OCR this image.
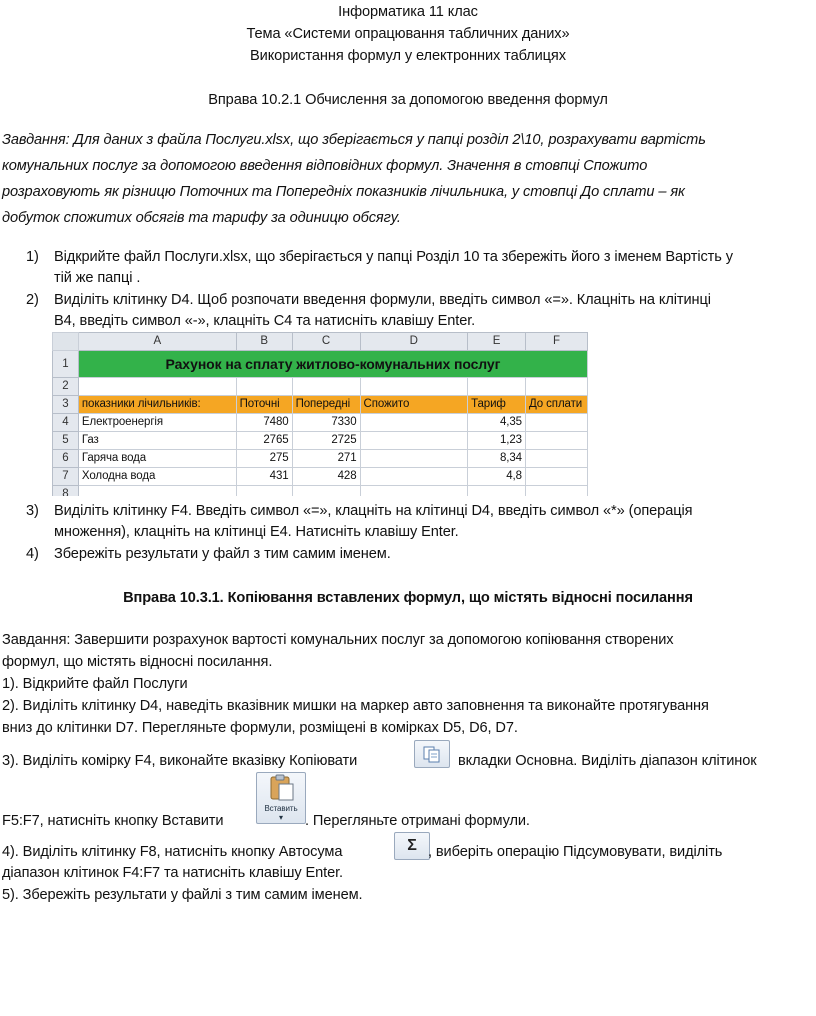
Інформатика 11 клас
Тема «Системи опрацювання табличних даних»
Використання формул у електронних таблицях
Вправа 10.2.1 Обчислення за допомогою введення формул
Завдання: Для даних з файла Послуги.xlsx, що зберігається у папці розділ 2\10, розрахувати вартість
комунальних послуг за допомогою введення відповідних формул. Значення в стовпці Спожито
розраховують як різницю Поточних та Попередніх показників лічильника, у стовпці До сплати – як
добуток спожитих обсягів та тарифу за одиницю обсягу.
1) Відкрийте файл Послуги.xlsx, що зберігається у папці Розділ 10 та збережіть його з іменем Вартість у
тій же папці .
2) Виділіть клітинку D4. Щоб розпочати введення формули, введіть символ «=». Клацніть на клітинці
B4, введіть символ «-», клацніть С4 та натисніть клавішу Enter.
	A	B	C	D	E	F
1	Рахунок на сплату житлово-комунальних послуг					
2						
3	показники лічильників:	Поточні	Попередні	Спожито	Тариф	До сплати
4	Електроенергія	7480	7330		4,35	
5	Газ	2765	2725		1,23	
6	Гаряча вода	275	271		8,34	
7	Холодна вода	431	428		4,8	
8						
3) Виділіть клітинку F4. Введіть символ «=», клацніть на клітинці D4, введіть символ «*» (операція
множення), клацніть на клітинці E4. Натисніть клавішу Enter.
4) Збережіть результати у файл з тим самим іменем.
Вправа 10.3.1. Копіювання вставлених формул, що містять відносні посилання
Завдання: Завершити розрахунок вартості комунальних послуг за допомогою копіювання створених
формул, що містять відносні посилання.
1). Відкрийте файл Послуги
2). Виділіть клітинку D4, наведіть вказівник мишки на маркер авто заповнення та виконайте протягування
вниз до клітинки D7. Перегляньте формули, розміщені в комірках D5, D6, D7.
3). Виділіть комірку F4, виконайте вказівку Копіювати	вкладки Основна. Виділіть діапазон клітинок
F5:F7, натисніть кнопку Вставити
Вставить
▾	. Перегляньте отримані формули.
4). Виділіть клітинку F8, натисніть кнопку Автосума	Σ , виберіть операцію Підсумовувати, виділіть
діапазон клітинок F4:F7 та натисніть клавішу Enter.
5). Збережіть результати у файлі з тим самим іменем.
